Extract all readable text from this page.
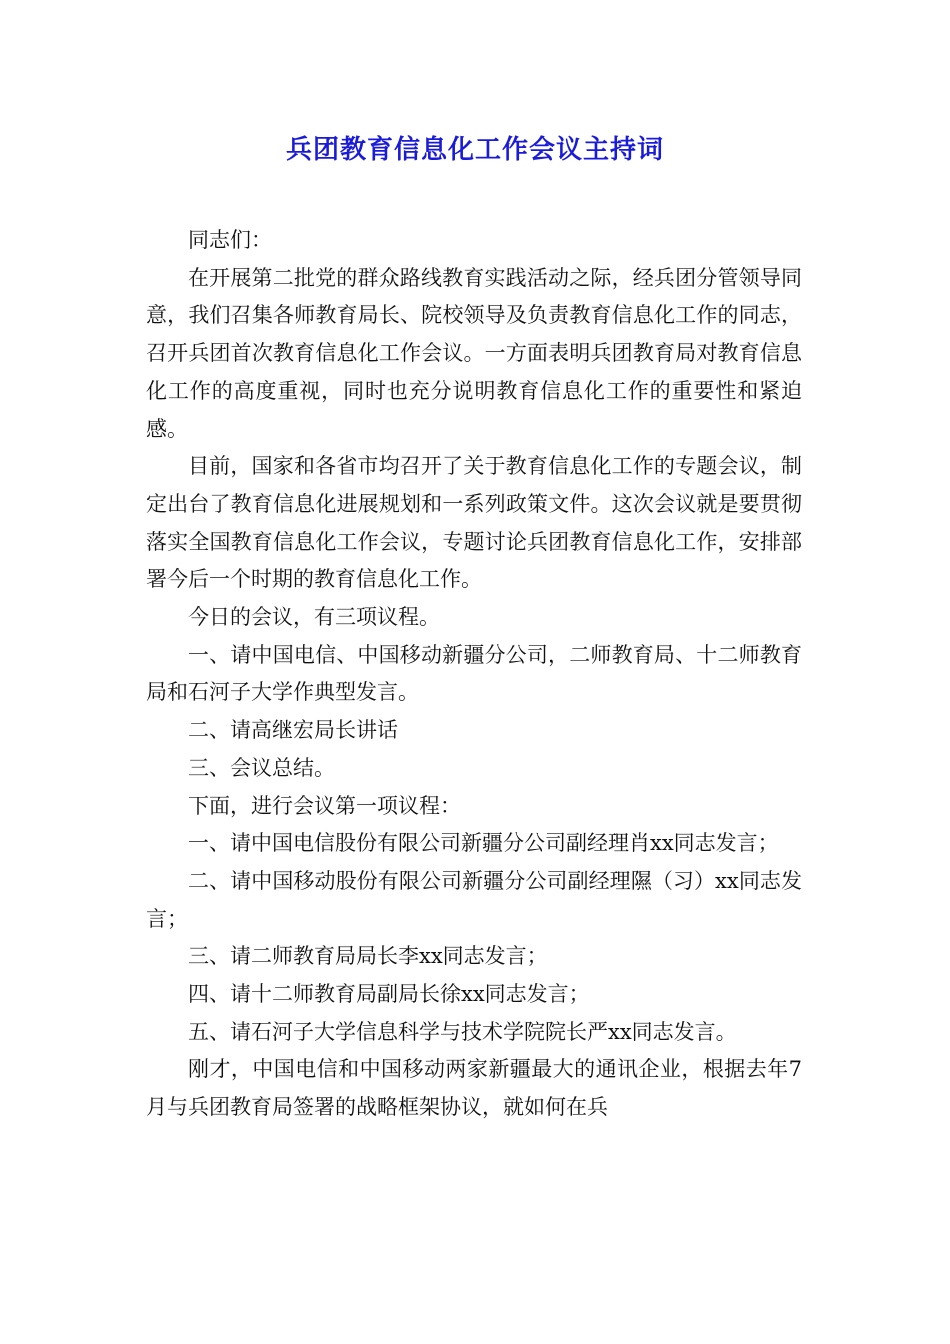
兵团教育信息化工作会议主持词

同志们：

在开展第二批党的群众路线教育实践活动之际，经兵团分管领导同意，我们召集各师教育局长、院校领导及负责教育信息化工作的同志，召开兵团首次教育信息化工作会议。一方面表明兵团教育局对教育信息化工作的高度重视，同时也充分说明教育信息化工作的重要性和紧迫感。

目前，国家和各省市均召开了关于教育信息化工作的专题会议，制定出台了教育信息化进展规划和一系列政策文件。这次会议就是要贯彻落实全国教育信息化工作会议，专题讨论兵团教育信息化工作，安排部署今后一个时期的教育信息化工作。

今日的会议，有三项议程。

一、请中国电信、中国移动新疆分公司，二师教育局、十二师教育局和石河子大学作典型发言。

二、请高继宏局长讲话

三、会议总结。

下面，进行会议第一项议程：

一、请中国电信股份有限公司新疆分公司副经理肖xx同志发言；

二、请中国移动股份有限公司新疆分公司副经理隰（习）xx同志发言；

三、请二师教育局局长李xx同志发言；

四、请十二师教育局副局长徐xx同志发言；

五、请石河子大学信息科学与技术学院院长严xx同志发言。

刚才，中国电信和中国移动两家新疆最大的通讯企业，根据去年7月与兵团教育局签署的战略框架协议，就如何在兵
